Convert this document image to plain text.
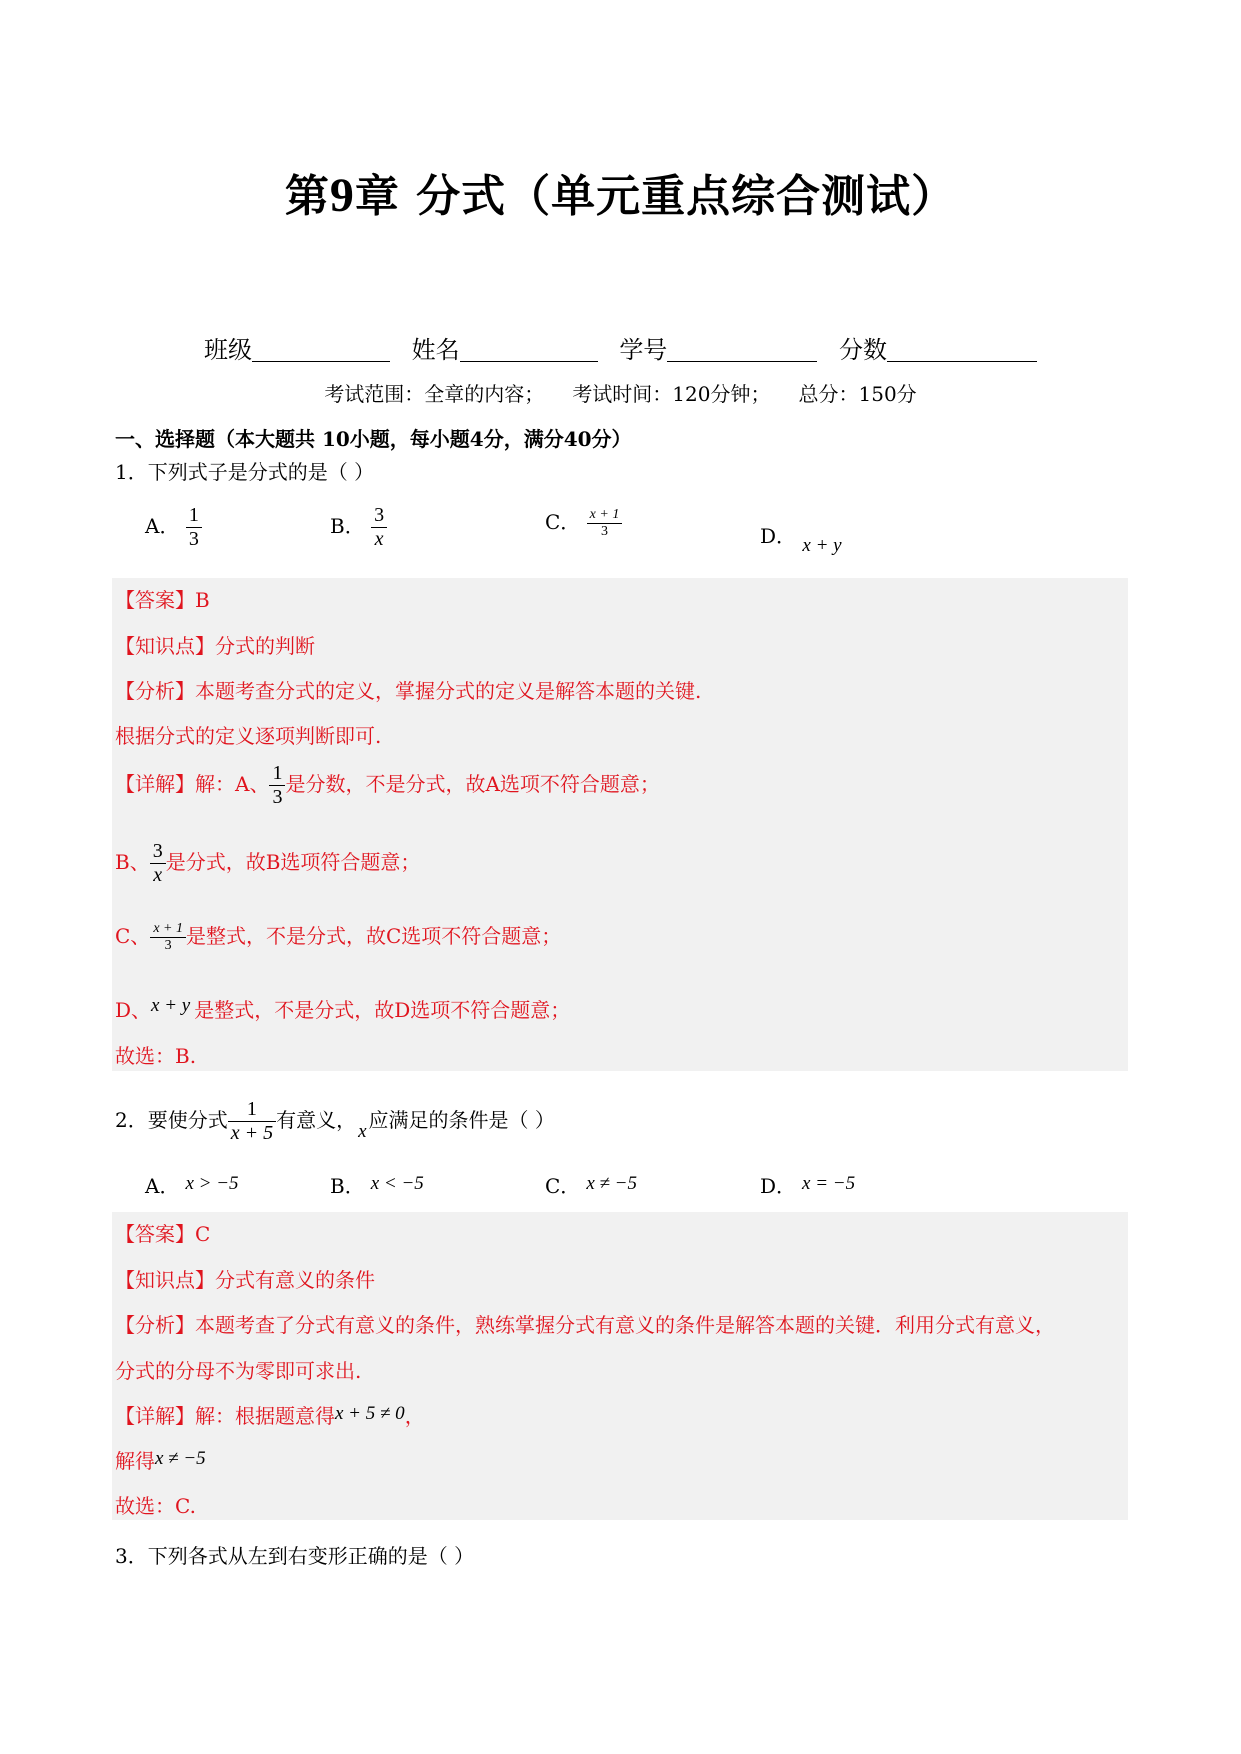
第9章 分式（单元重点综合测试）
班级	姓名	学号	分数
考试范围：全章的内容； 考试时间：120分钟； 总分：150分
一、选择题（本大题共 10小题，每小题4分，满分40分）
1．下列式子是分式的是（ ）
A． $\frac{1}{3}$	B． $\frac{3}{x}$	C． $\frac{x + 1}{3}$	D． x + y
【答案】B
【知识点】分式的判断
【分析】本题考查分式的定义，掌握分式的定义是解答本题的关键.
根据分式的定义逐项判断即可.
【详解】解：A、 $\frac{1}{3}$ 是分数，不是分式，故A选项不符合题意；
B、 $\frac{3}{x}$ 是分式，故B选项符合题意；
C、 $\frac{x + 1}{3}$ 是整式，不是分式，故C选项不符合题意；
D、x + y 是整式，不是分式，故D选项不符合题意；
故选：B.
2．要使分式 $\frac{1}{x + 5}$ 有意义， x 应满足的条件是（ ）
A． x > −5	B． x < −5	C． x ≠ −5	D． x = −5
【答案】C
【知识点】分式有意义的条件
【分析】本题考查了分式有意义的条件，熟练掌握分式有意义的条件是解答本题的关键．利用分式有意义，
分式的分母不为零即可求出.
【详解】解：根据题意得x + 5 ≠ 0，
解得x ≠ −5
故选：C.
3．下列各式从左到右变形正确的是（ ）
